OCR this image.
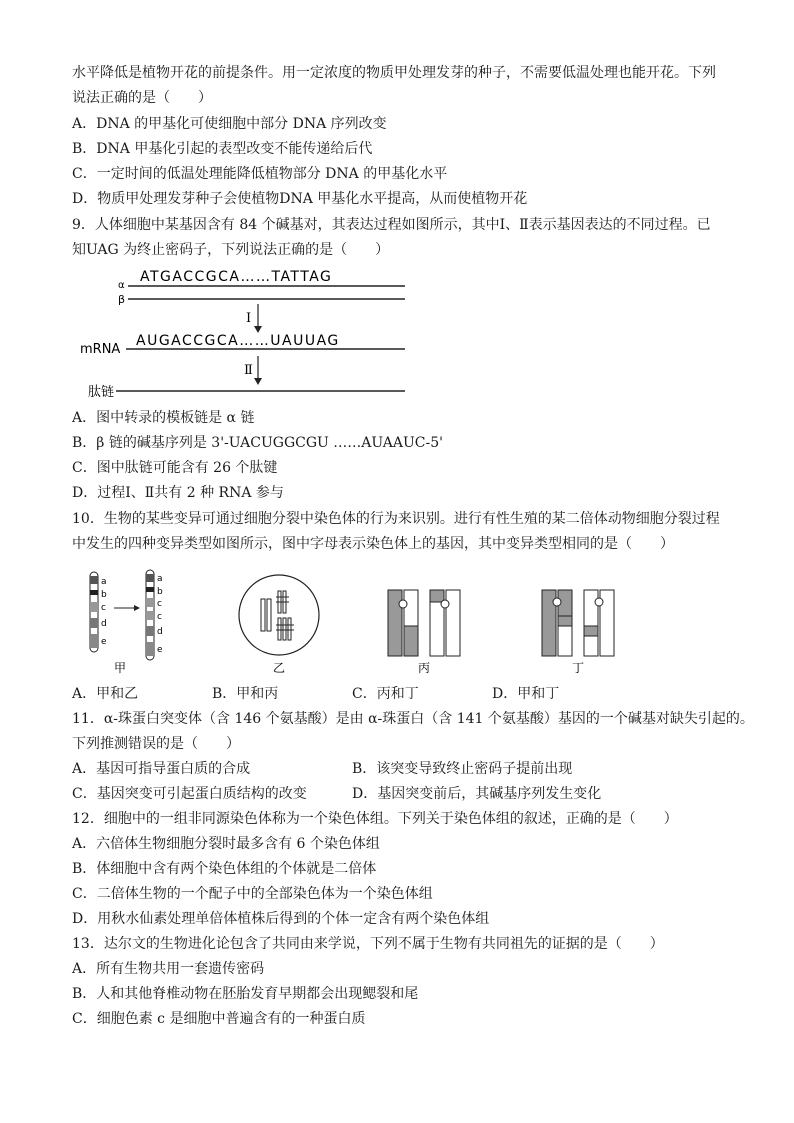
水平降低是植物开花的前提条件。用一定浓度的物质甲处理发芽的种子，不需要低温处理也能开花。下列
说法正确的是（　　）
A．DNA 的甲基化可使细胞中部分 DNA 序列改变
B．DNA 甲基化引起的表型改变不能传递给后代
C．一定时间的低温处理能降低植物部分 DNA 的甲基化水平
D．物质甲处理发芽种子会使植物DNA 甲基化水平提高，从而使植物开花
9．人体细胞中某基因含有 84 个碱基对，其表达过程如图所示，其中Ⅰ、Ⅱ表示基因表达的不同过程。已
知UAG 为终止密码子，下列说法正确的是（　　）
α
ATGACCGCA……TATTAG
β
Ⅰ
mRNA
AUGACCGCA……UAUUAG
Ⅱ
肽链
A．图中转录的模板链是 α 链
B．β 链的碱基序列是 3'-UACUGGCGU ……AUAAUC-5'
C．图中肽链可能含有 26 个肽键
D．过程Ⅰ、Ⅱ共有 2 种 RNA 参与
10．生物的某些变异可通过细胞分裂中染色体的行为来识别。进行有性生殖的某二倍体动物细胞分裂过程
中发生的四种变异类型如图所示，图中字母表示染色体上的基因，其中变异类型相同的是（　　）
a
b
c
d
e
a
b
c
c
d
e
甲	乙	丙	丁
A．甲和乙	B．甲和丙	C．丙和丁	D．甲和丁
11．α-珠蛋白突变体（含 146 个氨基酸）是由 α-珠蛋白（含 141 个氨基酸）基因的一个碱基对缺失引起的。
下列推测错误的是（　　）
A．基因可指导蛋白质的合成	B．该突变导致终止密码子提前出现
C．基因突变可引起蛋白质结构的改变	D．基因突变前后，其碱基序列发生变化
12．细胞中的一组非同源染色体称为一个染色体组。下列关于染色体组的叙述，正确的是（　　）
A．六倍体生物细胞分裂时最多含有 6 个染色体组
B．体细胞中含有两个染色体组的个体就是二倍体
C．二倍体生物的一个配子中的全部染色体为一个染色体组
D．用秋水仙素处理单倍体植株后得到的个体一定含有两个染色体组
13．达尔文的生物进化论包含了共同由来学说，下列不属于生物有共同祖先的证据的是（　　）
A．所有生物共用一套遗传密码
B．人和其他脊椎动物在胚胎发育早期都会出现鳃裂和尾
C．细胞色素 c 是细胞中普遍含有的一种蛋白质
